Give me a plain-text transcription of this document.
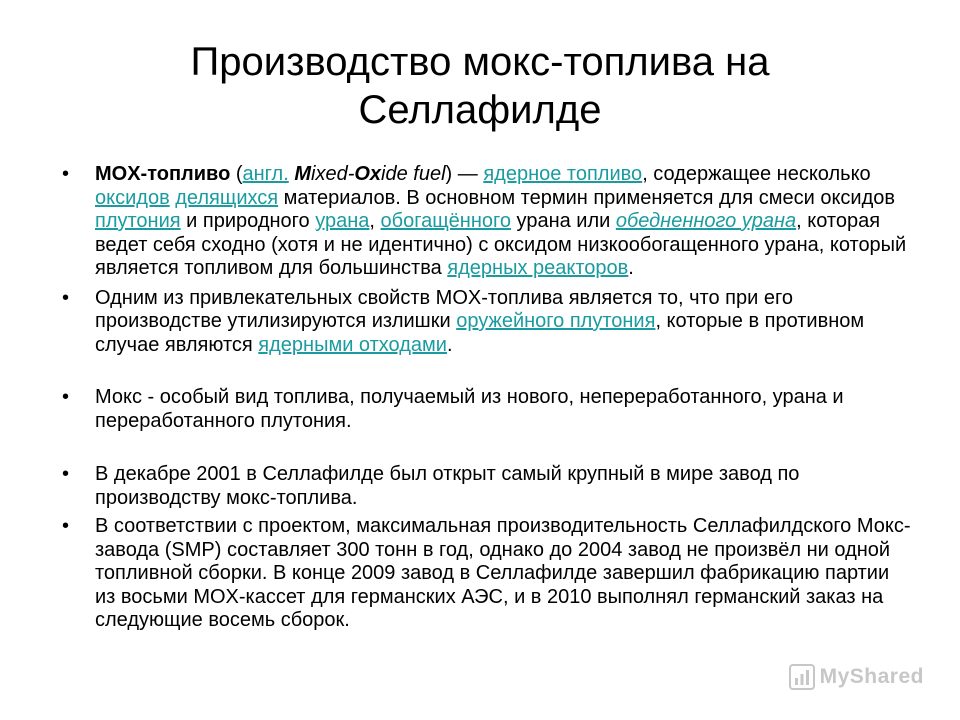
Производство мокс-топлива на
Селлафилде
• MOX-топливо (англ. Mixed-Oxide fuel) — ядерное топливо, содержащее несколько оксидов делящихся материалов. В основном термин применяется для смеси оксидов плутония и природного урана, обогащённого урана или обедненного урана, которая ведет себя сходно (хотя и не идентично) с оксидом низкообогащенного урана, который является топливом для большинства ядерных реакторов.
• Одним из привлекательных свойств MOX-топлива является то, что при его производстве утилизируются излишки оружейного плутония, которые в противном случае являются ядерными отходами.
• Мокс - особый вид топлива, получаемый из нового, непереработанного, урана и переработанного плутония.
• В декабре 2001 в Селлафилде был открыт самый крупный в мире завод по производству мокс-топлива.
• В соответствии с проектом, максимальная производительность Селлафилдского Мокс-завода (SMP) составляет 300 тонн в год, однако до 2004 завод не произвёл ни одной топливной сборки. В конце 2009 завод в Селлафилде завершил фабрикацию партии из восьми MOX-кассет для германских АЭС, и в 2010 выполнял германский заказ на следующие восемь сборок.
MyShared
